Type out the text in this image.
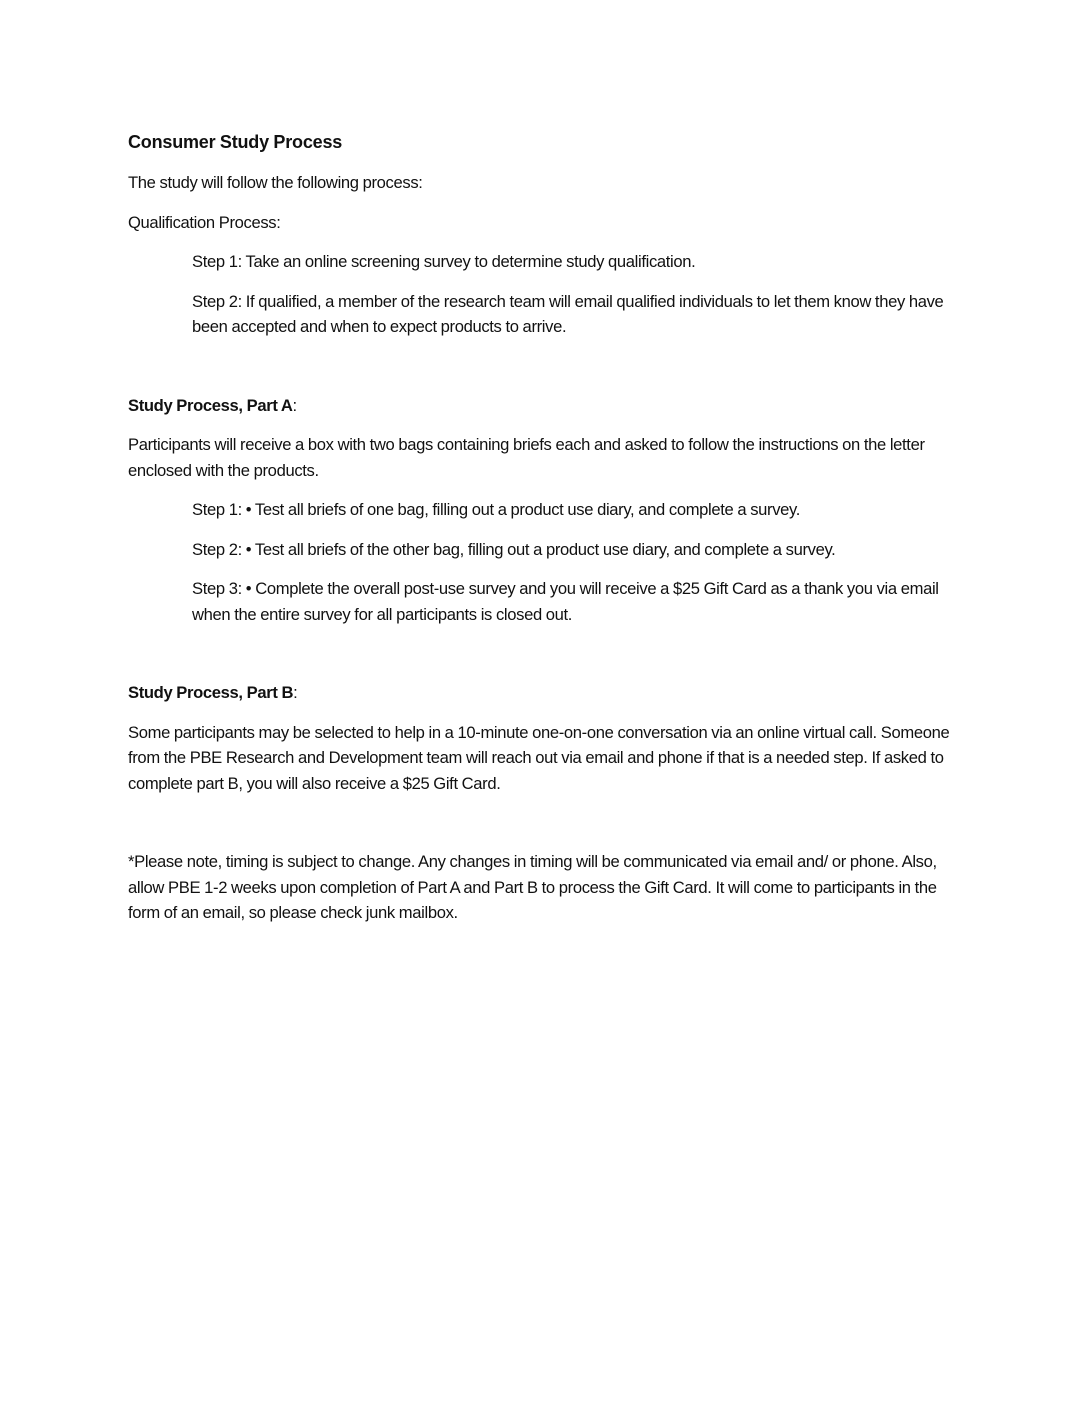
Consumer Study Process

The study will follow the following process:

Qualification Process:

Step 1: Take an online screening survey to determine study qualification.

Step 2: If qualified, a member of the research team will email qualified individuals to let them know they have been accepted and when to expect products to arrive.

Study Process, Part A:

Participants will receive a box with two bags containing briefs each and asked to follow the instructions on the letter enclosed with the products.

Step 1: • Test all briefs of one bag, filling out a product use diary, and complete a survey.

Step 2: • Test all briefs of the other bag, filling out a product use diary, and complete a survey.

Step 3: • Complete the overall post-use survey and you will receive a $25 Gift Card as a thank you via email when the entire survey for all participants is closed out.

Study Process, Part B:

Some participants may be selected to help in a 10-minute one-on-one conversation via an online virtual call. Someone from the PBE Research and Development team will reach out via email and phone if that is a needed step. If asked to complete part B, you will also receive a $25 Gift Card.

*Please note, timing is subject to change. Any changes in timing will be communicated via email and/ or phone. Also, allow PBE 1-2 weeks upon completion of Part A and Part B to process the Gift Card. It will come to participants in the form of an email, so please check junk mailbox.
